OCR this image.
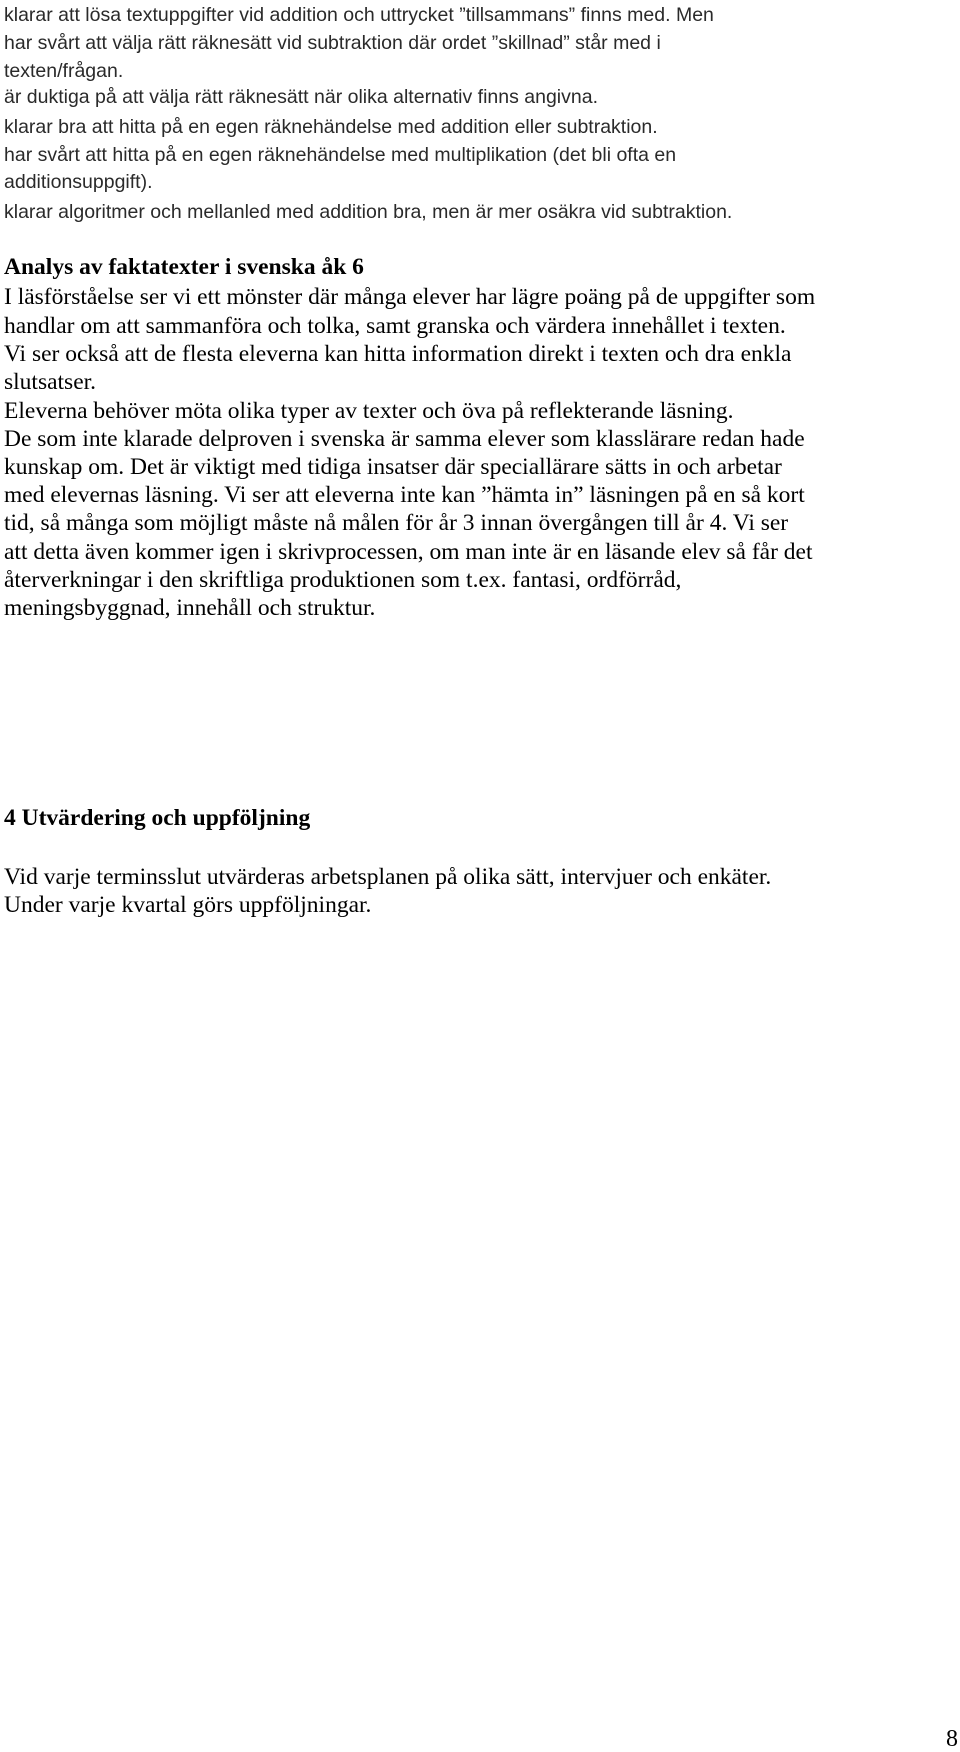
klarar att lösa textuppgifter vid addition och uttrycket ”tillsammans” finns med. Men

har svårt att välja rätt räknesätt vid subtraktion där ordet ”skillnad” står med i

texten/frågan.

är duktiga på att välja rätt räknesätt när olika alternativ finns angivna.

klarar bra att hitta på en egen räknehändelse med addition eller subtraktion.

har svårt att hitta på en egen räknehändelse med multiplikation (det bli ofta en

additionsuppgift).

klarar algoritmer och mellanled med addition bra, men är mer osäkra vid subtraktion.

Analys av faktatexter i svenska åk 6

I läsförståelse ser vi ett mönster där många elever har lägre poäng på de uppgifter som

handlar om att sammanföra och tolka, samt granska och värdera innehållet i texten.

Vi ser också att de flesta eleverna kan hitta information direkt i texten och dra enkla

slutsatser.

Eleverna behöver möta olika typer av texter och öva på reflekterande läsning.

De som inte klarade delproven i svenska är samma elever som klasslärare redan hade

kunskap om. Det är viktigt med tidiga insatser där speciallärare sätts in och arbetar

med elevernas läsning. Vi ser att eleverna inte kan ”hämta in” läsningen på en så kort

tid, så många som möjligt måste nå målen för år 3 innan övergången till år 4. Vi ser

att detta även kommer igen i skrivprocessen, om man inte är en läsande elev så får det

återverkningar i den skriftliga produktionen som t.ex. fantasi, ordförråd,

meningsbyggnad, innehåll och struktur.

4 Utvärdering och uppföljning

Vid varje terminsslut utvärderas arbetsplanen på olika sätt, intervjuer och enkäter.

Under varje kvartal görs uppföljningar.

8
